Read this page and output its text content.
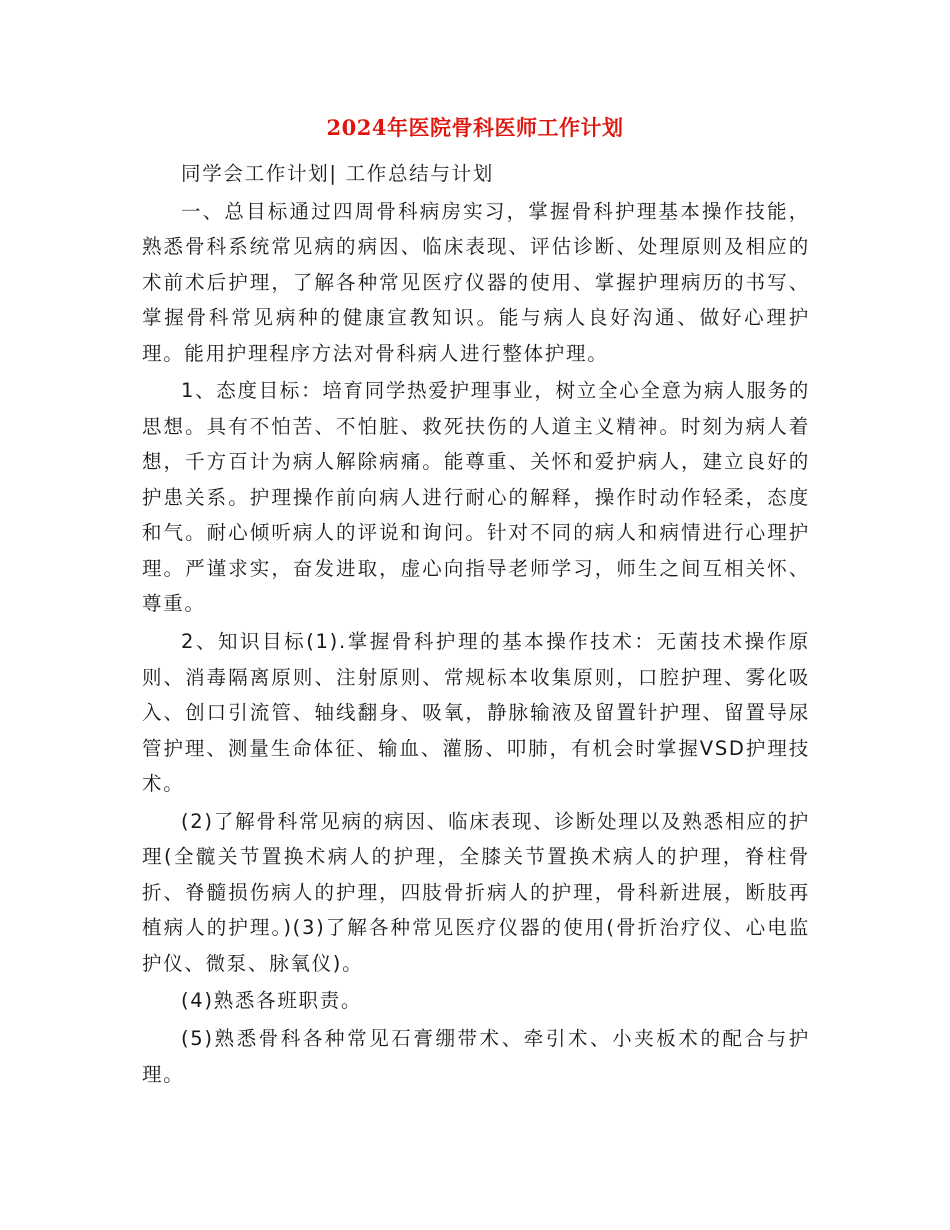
2024年医院骨科医师工作计划

同学会工作计划| 工作总结与计划

一、总目标通过四周骨科病房实习，掌握骨科护理基本操作技能，熟悉骨科系统常见病的病因、临床表现、评估诊断、处理原则及相应的术前术后护理，了解各种常见医疗仪器的使用、掌握护理病历的书写、掌握骨科常见病种的健康宣教知识。能与病人良好沟通、做好心理护理。能用护理程序方法对骨科病人进行整体护理。

1、态度目标：培育同学热爱护理事业，树立全心全意为病人服务的思想。具有不怕苦、不怕脏、救死扶伤的人道主义精神。时刻为病人着想，千方百计为病人解除病痛。能尊重、关怀和爱护病人，建立良好的护患关系。护理操作前向病人进行耐心的解释，操作时动作轻柔，态度和气。耐心倾听病人的评说和询问。针对不同的病人和病情进行心理护理。严谨求实，奋发进取，虚心向指导老师学习，师生之间互相关怀、尊重。

2、知识目标(1).掌握骨科护理的基本操作技术：无菌技术操作原则、消毒隔离原则、注射原则、常规标本收集原则，口腔护理、雾化吸入、创口引流管、轴线翻身、吸氧，静脉输液及留置针护理、留置导尿管护理、测量生命体征、输血、灌肠、叩肺，有机会时掌握VSD护理技术。

(2)了解骨科常见病的病因、临床表现、诊断处理以及熟悉相应的护理(全髋关节置换术病人的护理，全膝关节置换术病人的护理，脊柱骨折、脊髓损伤病人的护理，四肢骨折病人的护理，骨科新进展，断肢再植病人的护理。)(3)了解各种常见医疗仪器的使用(骨折治疗仪、心电监护仪、微泵、脉氧仪)。

(4)熟悉各班职责。

(5)熟悉骨科各种常见石膏绷带术、牵引术、小夹板术的配合与护理。
